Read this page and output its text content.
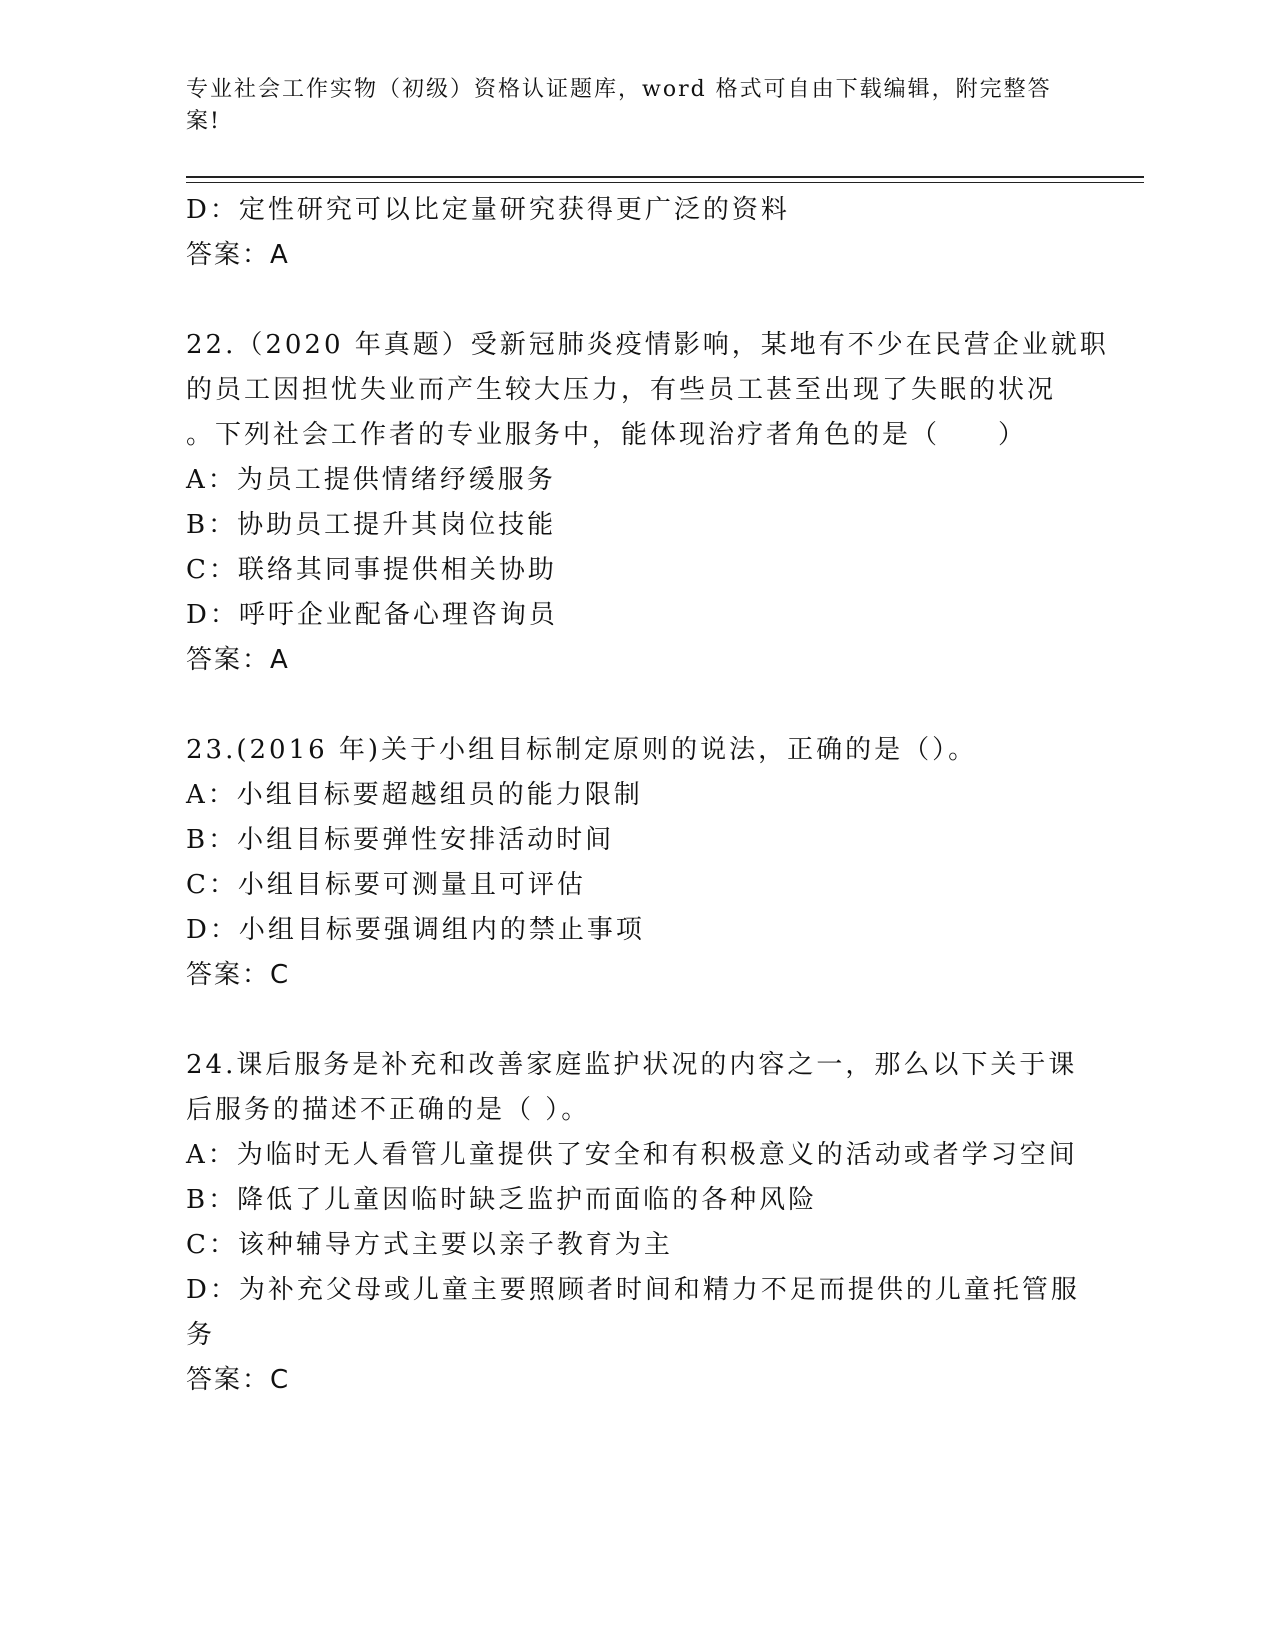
专业社会工作实物（初级）资格认证题库，word 格式可自由下载编辑，附完整答
案!
D：定性研究可以比定量研究获得更广泛的资料
答案：A
22.（2020 年真题）受新冠肺炎疫情影响，某地有不少在民营企业就职
的员工因担忧失业而产生较大压力，有些员工甚至出现了失眠的状况
。下列社会工作者的专业服务中，能体现治疗者角色的是（　　）
A：为员工提供情绪纾缓服务
B：协助员工提升其岗位技能
C：联络其同事提供相关协助
D：呼吁企业配备心理咨询员
答案：A
23.(2016 年)关于小组目标制定原则的说法，正确的是（）。
A：小组目标要超越组员的能力限制
B：小组目标要弹性安排活动时间
C：小组目标要可测量且可评估
D：小组目标要强调组内的禁止事项
答案：C
24.课后服务是补充和改善家庭监护状况的内容之一，那么以下关于课
后服务的描述不正确的是（ ）。
A：为临时无人看管儿童提供了安全和有积极意义的活动或者学习空间
B：降低了儿童因临时缺乏监护而面临的各种风险
C：该种辅导方式主要以亲子教育为主
D：为补充父母或儿童主要照顾者时间和精力不足而提供的儿童托管服
务
答案：C
